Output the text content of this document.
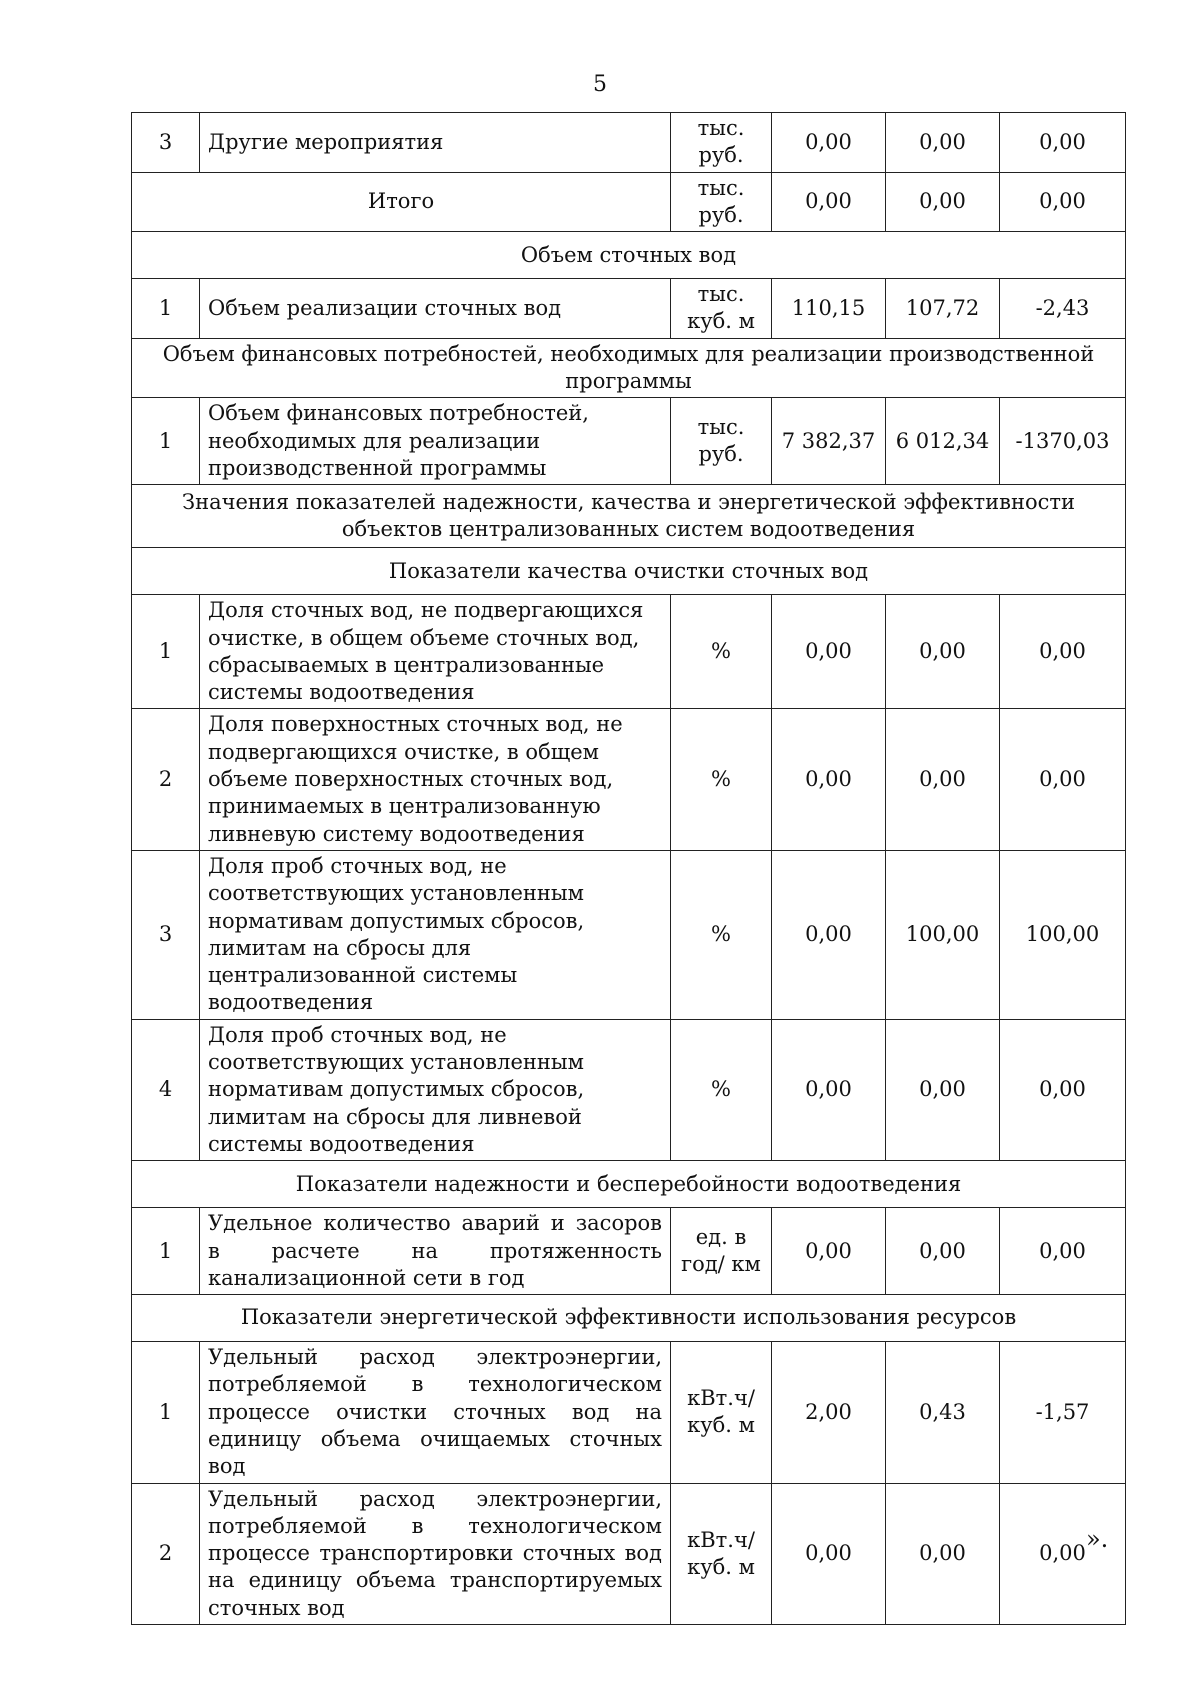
5
3	Другие мероприятия	тыс. руб.	0,00	0,00	0,00
Итого		тыс. руб.	0,00	0,00	0,00
Объем сточных вод					
1	Объем реализации сточных вод	тыс. куб. м	110,15	107,72	-2,43
Объем финансовых потребностей, необходимых для реализации производственной программы					
1	Объем финансовых потребностей, необходимых для реализации производственной программы	тыс. руб.	7 382,37	6 012,34	-1370,03
Значения показателей надежности, качества и энергетической эффективности объектов централизованных систем водоотведения					
Показатели качества очистки сточных вод					
1	Доля сточных вод, не подвергающихся очистке, в общем объеме сточных вод, сбрасываемых в централизованные системы водоотведения	%	0,00	0,00	0,00
2	Доля поверхностных сточных вод, не подвергающихся очистке, в общем объеме поверхностных сточных вод, принимаемых в централизованную ливневую систему водоотведения	%	0,00	0,00	0,00
3	Доля проб сточных вод, не соответствующих установленным нормативам допустимых сбросов, лимитам на сбросы для централизованной системы водоотведения	%	0,00	100,00	100,00
4	Доля проб сточных вод, не соответствующих установленным нормативам допустимых сбросов, лимитам на сбросы для ливневой системы водоотведения	%	0,00	0,00	0,00
Показатели надежности и бесперебойности водоотведения					
1	Удельное количество аварий и засоров в расчете на протяженность канализационной сети в год	ед. в год/ км	0,00	0,00	0,00
Показатели энергетической эффективности использования ресурсов					
1	Удельный расход электроэнергии, потребляемой в технологическом процессе очистки сточных вод на единицу объема очищаемых сточных вод	кВт.ч/ куб. м	2,00	0,43	-1,57
2	Удельный расход электроэнергии, потребляемой в технологическом процессе транспортировки сточных вод на единицу объема транспортируемых сточных вод	кВт.ч/ куб. м	0,00	0,00	0,00
».
